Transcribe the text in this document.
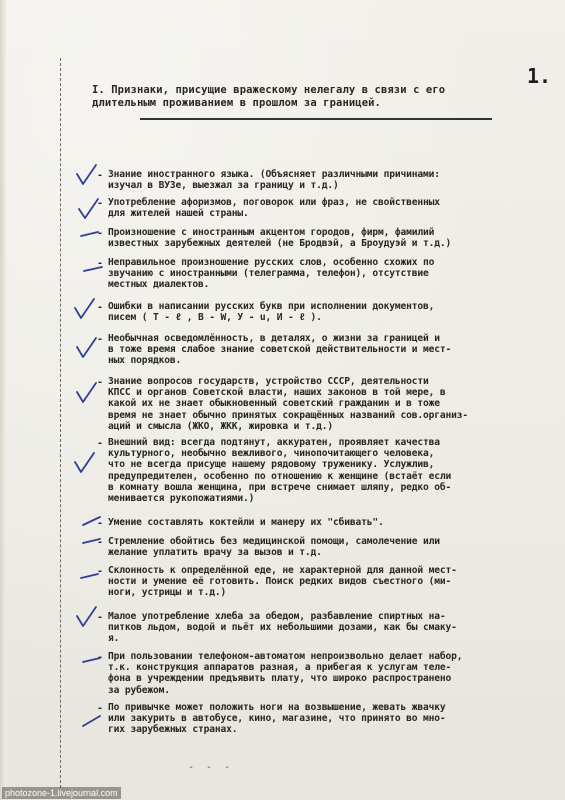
1.
I. Признаки, присущие вражескому нелегалу в связи с его
длительным проживанием в прошлом за границей.
- Знание иностранного языка. (Объясняет различными причинами:
изучал в ВУЗе, выезжал за границу и т.д.)
- Употребление афоризмов, поговорок или фраз, не свойственных
для жителей нашей страны.
- Произношение с иностранным акцентом городов, фирм, фамилий
известных зарубежных деятелей (не Бродвэй, а Броудуэй и т.д.)
- Неправильное произношение русских слов, особенно схожих по
звучанию с иностранными (телеграмма, телефон), отсутствие
местных диалектов.
- Ошибки в написании русских букв при исполнении документов,
писем ( T - ℓ , В - W, У - u, И - ℓ ).
- Необычная осведомлённость, в деталях, о жизни за границей и
в тоже время слабое знание советской действительности и мест-
ных порядков.
- Знание вопросов государств, устройство СССР, деятельности
КПСС и органов Советской власти, наших законов в той мере, в
какой их не знает обыкновенный советский гражданин и в тоже
время не знает обычно принятых сокращённых названий сов.организ-
аций и смысла (ЖКО, ЖКК, жировка и т.д.)
- Внешний вид: всегда подтянут, аккуратен, проявляет качества
культурного, необычно вежливого, чинопочитающего человека,
что не всегда присуще нашему рядовому труженику. Услужлив,
предупредителен, особенно по отношению к женщине (встаёт если
в комнату вошла женщина, при встрече снимает шляпу, редко об-
менивается рукопожатиями.)
- Умение составлять коктейли и манеру их "сбивать".
- Стремление обойтись без медицинской помощи, самолечение или
желание уплатить врачу за вызов и т.д.
- Склонность к определённой еде, не характерной для данной мест-
ности и умение её готовить. Поиск редких видов съестного (ми-
ноги, устрицы и т.д.)
- Малое употребление хлеба за обедом, разбавление спиртных на-
питков льдом, водой и пьёт их небольшими дозами, как бы смаку-
я.
- При пользовании телефоном-автоматом непроизвольно делает набор,
т.к. конструкция аппаратов разная, а прибегая к услугам теле-
фона в учреждении предъявить плату, что широко распространено
за рубежом.
- По привычке может положить ноги на возвышение, жевать жвачку
или закурить в автобусе, кино, магазине, что принято во мно-
гих зарубежных странах.
- - -
photozone-1.livejournal.com
